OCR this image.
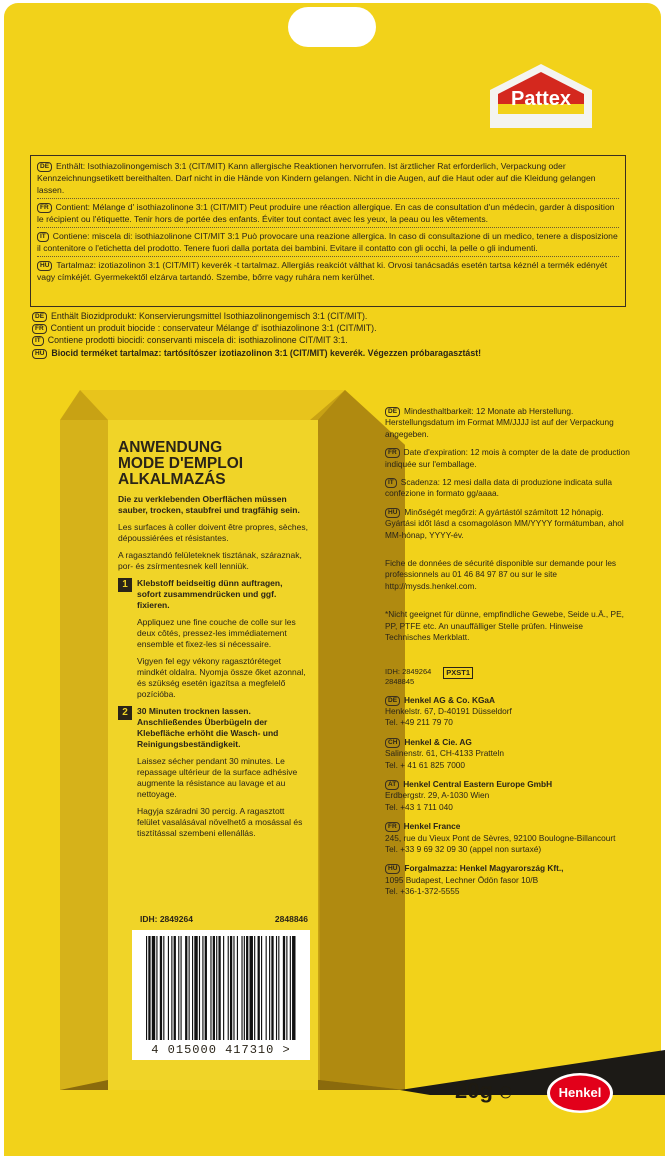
Pattex
DE Enthält: Isothiazolinongemisch 3:1 (CIT/MIT) Kann allergische Reaktionen hervorrufen. Ist ärztlicher Rat erforderlich, Verpackung oder Kennzeichnungsetikett bereithalten. Darf nicht in die Hände von Kindern gelangen. Nicht in die Augen, auf die Haut oder auf die Kleidung gelangen lassen.
FR Contient: Mélange d' isothiazolinone 3:1 (CIT/MIT) Peut produire une réaction allergique. En cas de consultation d'un médecin, garder à disposition le récipient ou l'étiquette. Tenir hors de portée des enfants. Éviter tout contact avec les yeux, la peau ou les vêtements.
IT Contiene: miscela di: isothiazolinone CIT/MIT 3:1 Può provocare una reazione allergica. In caso di consultazione di un medico, tenere a disposizione il contenitore o l'etichetta del prodotto. Tenere fuori dalla portata dei bambini. Evitare il contatto con gli occhi, la pelle o gli indumenti.
HU Tartalmaz: izotiazolinon 3:1 (CIT/MIT) keverék -t tartalmaz. Allergiás reakciót válthat ki. Orvosi tanácsadás esetén tartsa kéznél a termék edényét vagy címkéjét. Gyermekektől elzárva tartandó. Szembe, bőrre vagy ruhára nem kerülhet.
DE Enthält Biozidprodukt: Konservierungsmittel Isothiazolinongemisch 3:1 (CIT/MIT).
FR Contient un produit biocide : conservateur Mélange d' isothiazolinone 3:1 (CIT/MIT).
IT Contiene prodotti biocidi: conservanti miscela di: isothiazolinone CIT/MIT 3:1.
HU Biocid terméket tartalmaz: tartósítószer izotiazolinon 3:1 (CIT/MIT) keverék. Végezzen próbaragasztást!
ANWENDUNG
MODE D'EMPLOI
ALKALMAZÁS
Die zu verklebenden Oberflächen müssen sauber, trocken, staubfrei und tragfähig sein.
Les surfaces à coller doivent être propres, sèches, dépoussiérées et résistantes.
A ragasztandó felületeknek tisztának, száraznak, por- és zsírmentesnek kell lenniük.
1	Klebstoff beidseitig dünn auftragen, sofort zusammendrücken und ggf. fixieren.
Appliquez une fine couche de colle sur les deux côtés, pressez-les immédiatement ensemble et fixez-les si nécessaire.
Vigyen fel egy vékony ragasztóréteget mindkét oldalra. Nyomja össze őket azonnal, és szükség esetén igazítsa a megfelelő pozícióba.
2	30 Minuten trocknen lassen. Anschließendes Überbügeln der Klebefläche erhöht die Wasch- und Reinigungsbeständigkeit.
Laissez sécher pendant 30 minutes. Le repassage ultérieur de la surface adhésive augmente la résistance au lavage et au nettoyage.
Hagyja száradni 30 percig. A ragasztott felület vasalásával növelhető a mosással és tisztítással szembeni ellenállás.
IDH: 2849264	2848846
4 015000 417310 >
DE Mindesthaltbarkeit: 12 Monate ab Herstellung. Herstellungsdatum im Format MM/JJJJ ist auf der Verpackung angegeben.
FR Date d'expiration: 12 mois à compter de la date de production indiquée sur l'emballage.
IT Scadenza: 12 mesi dalla data di produzione indicata sulla confezione in formato gg/aaaa.
HU Minőségét megőrzi: A gyártástól számított 12 hónapig. Gyártási időt lásd a csomagoláson MM/YYYY formátumban, ahol MM-hónap, YYYY-év.
Fiche de données de sécurité disponible sur demande pour les professionnels au 01 46 84 97 87 ou sur le site http://mysds.henkel.com.
*Nicht geeignet für dünne, empfindliche Gewebe, Seide u.Ä., PE, PP, PTFE etc. An unauffälliger Stelle prüfen. Hinweise Technisches Merkblatt.
IDH: 2849264
2848845
PXST1
DE Henkel AG & Co. KGaA
Henkelstr. 67, D-40191 Düsseldorf
Tel. +49 211 79 70
CH Henkel & Cie. AG
Salinenstr. 61, CH-4133 Pratteln
Tel. + 41 61 825 7000
AT Henkel Central Eastern Europe GmbH
Erdbergstr. 29, A-1030 Wien
Tel. +43 1 711 040
FR Henkel France
245, rue du Vieux Pont de Sèvres, 92100 Boulogne-Billancourt
Tel. +33 9 69 32 09 30 (appel non surtaxé)
HU Forgalmazza: Henkel Magyarország Kft.,
1095 Budapest, Lechner Ödön fasor 10/B
Tel. +36-1-372-5555
20g ℮	Henkel
